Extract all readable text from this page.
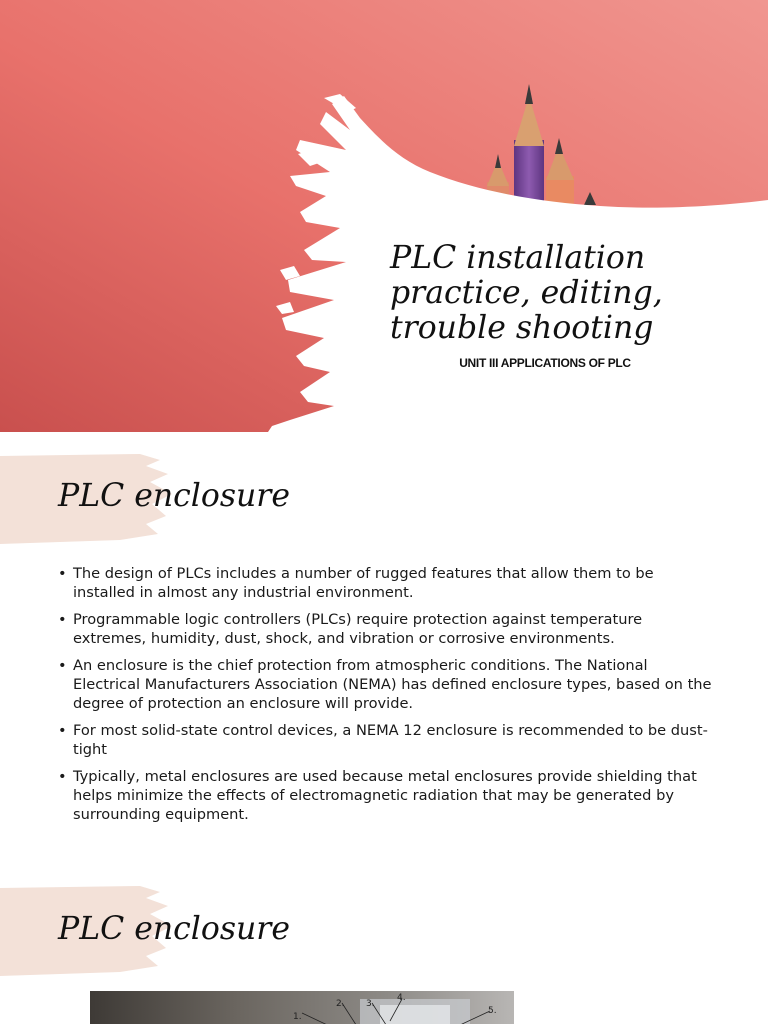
PLC installation
practice, editing,
trouble shooting
UNIT III APPLICATIONS OF PLC
PLC enclosure
• The design of PLCs includes a number of rugged features that allow them to be installed in almost any industrial environment.
• Programmable logic controllers (PLCs) require protection against temperature extremes, humidity, dust, shock, and vibration or corrosive environments.
• An enclosure is the chief protection from atmospheric conditions. The National Electrical Manufacturers Association (NEMA) has defined enclosure types, based on the degree of protection an enclosure will provide.
• For most solid-state control devices, a NEMA 12 enclosure is recommended to be dust-tight
• Typically, metal enclosures are used because metal enclosures provide shielding that helps minimize the effects of electromagnetic radiation that may be generated by surrounding equipment.
PLC enclosure
1.
2. 3.
4.
5.
